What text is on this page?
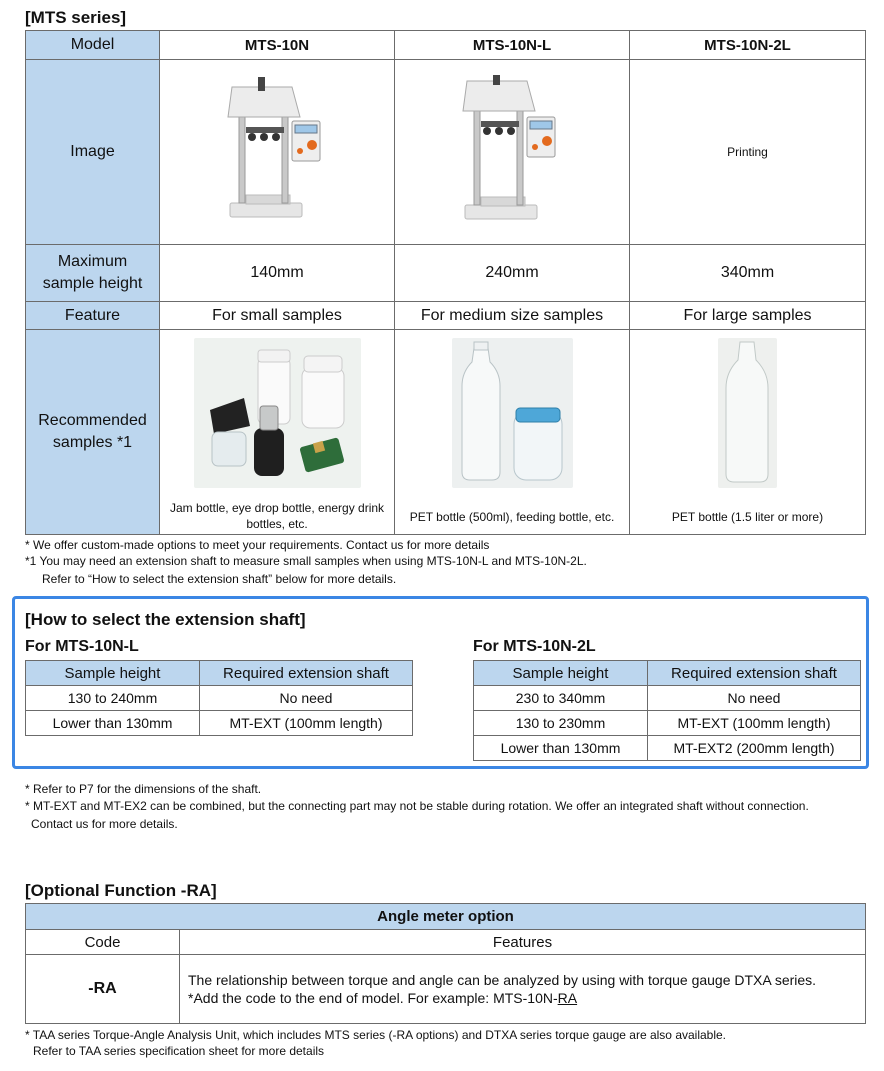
[MTS series]
Model	MTS-10N	MTS-10N-L	MTS-10N-2L
Image			Printing

Maximum
sample height	140mm	240mm	340mm
Feature	For small samples	For medium size samples	For large samples

Recommended
samples *1	Jam bottle, eye drop bottle, energy drink bottles, etc.	PET bottle (500ml), feeding bottle, etc.	PET bottle (1.5 liter or more)
* We offer custom-made options to meet your requirements. Contact us for more details
*1 You may need an extension shaft to measure small samples when using MTS-10N-L and MTS-10N-2L.
Refer to “How to select the extension shaft” below for more details.
[How to select the extension shaft]
For MTS-10N-L	For MTS-10N-2L
Sample height	Required extension shaft
130 to 240mm	No need
Lower than 130mm	MT-EXT (100mm length)
Sample height	Required extension shaft
230 to 340mm	No need
130 to 230mm	MT-EXT (100mm length)
Lower than 130mm	MT-EXT2 (200mm length)
* Refer to P7 for the dimensions of the shaft.
* MT-EXT and MT-EX2 can be combined, but the connecting part may not be stable during rotation. We offer an integrated shaft without connection.
Contact us for more details.
[Optional Function -RA]
Angle meter option	
Code	Features
-RA	The relationship between torque and angle can be analyzed by using with torque gauge DTXA series.
*Add the code to the end of model. For example: MTS-10N-RA
* TAA series Torque-Angle Analysis Unit, which includes MTS series (-RA options) and DTXA series torque gauge are also available.
Refer to TAA series specification sheet for more details
